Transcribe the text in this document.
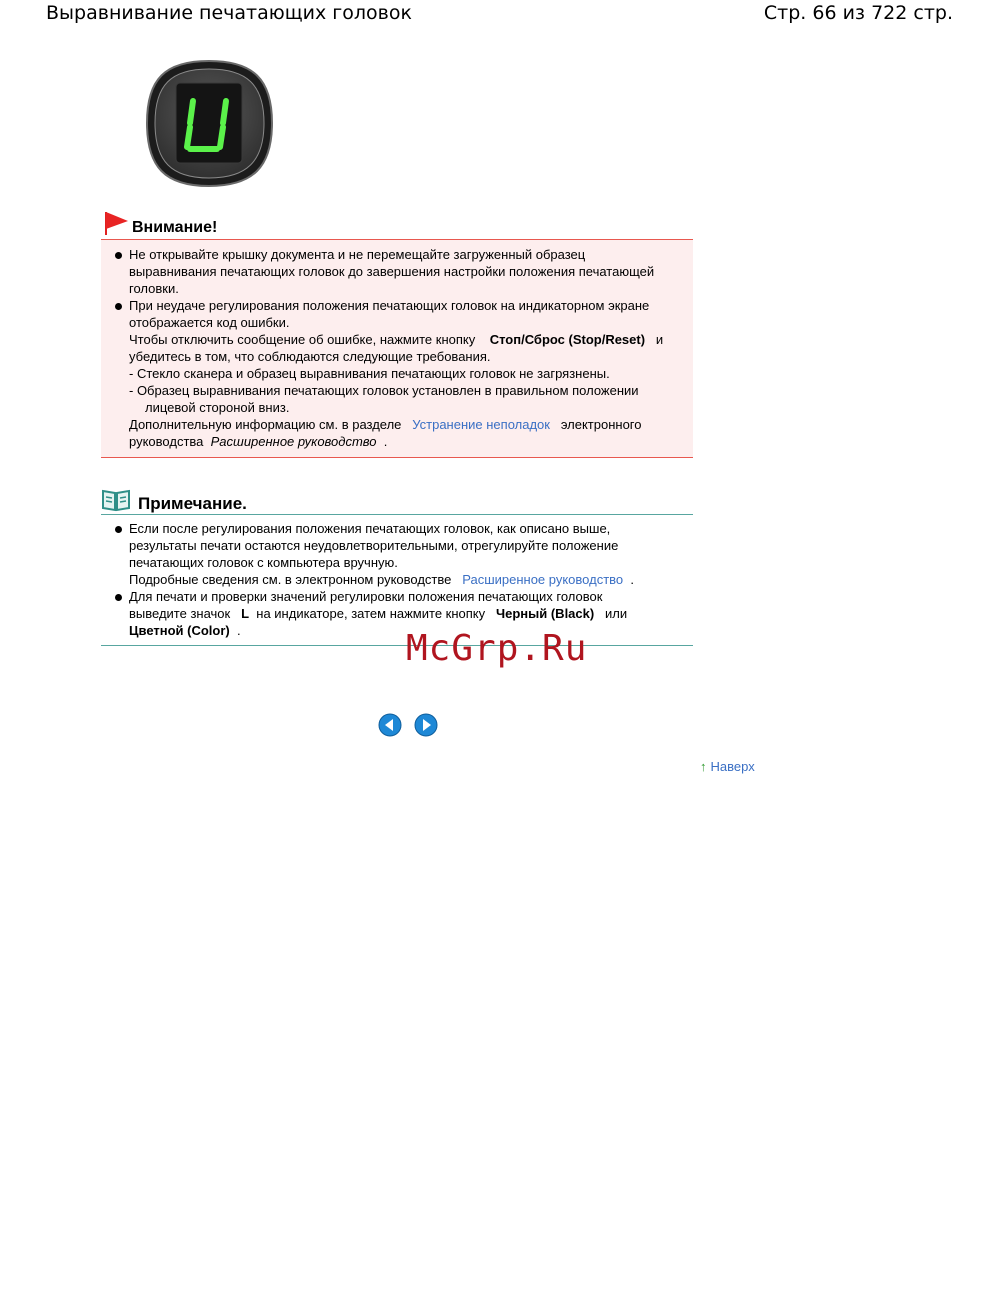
Выравнивание печатающих головок	Стр. 66 из 722 стр.
Внимание!
Не открывайте крышку документа и не перемещайте загруженный образец
выравнивания печатающих головок до завершения настройки положения печатающей
головки.
При неудаче регулирования положения печатающих головок на индикаторном экране
отображается код ошибки.
Чтобы отключить сообщение об ошибке, нажмите кнопку Стоп/Сброс (Stop/Reset) и
убедитесь в том, что соблюдаются следующие требования.
- Стекло сканера и образец выравнивания печатающих головок не загрязнены.
- Образец выравнивания печатающих головок установлен в правильном положении
лицевой стороной вниз.
Дополнительную информацию см. в разделе Устранение неполадок электронного
руководства Расширенное руководство .
Примечание.
Если после регулирования положения печатающих головок, как описано выше,
результаты печати остаются неудовлетворительными, отрегулируйте положение
печатающих головок с компьютера вручную.
Подробные сведения см. в электронном руководстве Расширенное руководство .
Для печати и проверки значений регулировки положения печатающих головок
выведите значок L на индикаторе, затем нажмите кнопку Черный (Black) или
Цветной (Color) .	McGrp.Ru
↑ Наверх
